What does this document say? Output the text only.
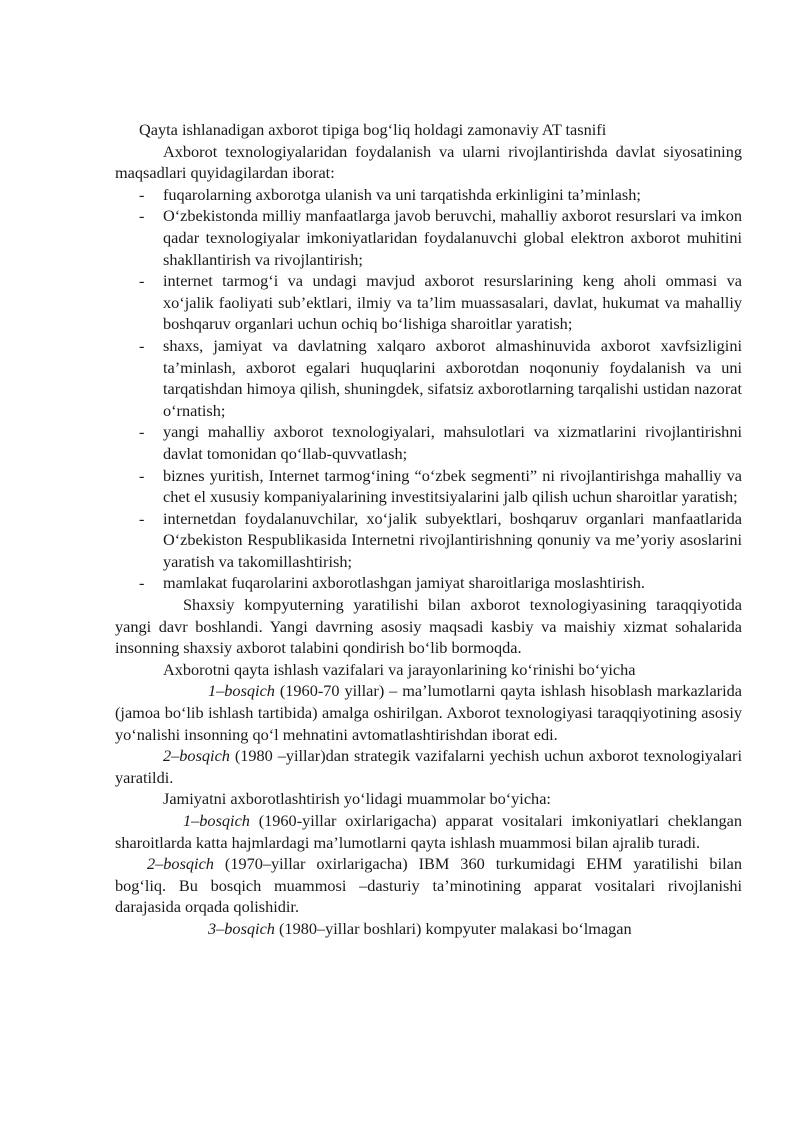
Qayta ishlanadigan axborot tipiga bog‘liq holdagi zamonaviy AT tasnifi

Axborot texnologiyalaridan foydalanish va ularni rivojlantirishda davlat siyosatining maqsadlari quyidagilardan iborat:

- fuqarolarning axborotga ulanish va uni tarqatishda erkinligini ta’minlash;
- O‘zbekistonda milliy manfaatlarga javob beruvchi, mahalliy axborot resurslari va imkon qadar texnologiyalar imkoniyatlaridan foydalanuvchi global elektron axborot muhitini shakllantirish va rivojlantirish;
- internet tarmog‘i va undagi mavjud axborot resurslarining keng aholi ommasi va xo‘jalik faoliyati sub’ektlari, ilmiy va ta’lim muassasalari, davlat, hukumat va mahalliy boshqaruv organlari uchun ochiq bo‘lishiga sharoitlar yaratish;
- shaxs, jamiyat va davlatning xalqaro axborot almashinuvida axborot xavfsizligini ta’minlash, axborot egalari huquqlarini axborotdan noqonuniy foydalanish va uni tarqatishdan himoya qilish, shuningdek, sifatsiz axborotlarning tarqalishi ustidan nazorat o‘rnatish;
- yangi mahalliy axborot texnologiyalari, mahsulotlari va xizmatlarini rivojlantirishni davlat tomonidan qo‘llab-quvvatlash;
- biznes yuritish, Internet tarmog‘ining “o‘zbek segmenti” ni rivojlantirishga mahalliy va chet el xususiy kompaniyalarining investitsiyalarini jalb qilish uchun sharoitlar yaratish;
- internetdan foydalanuvchilar, xo‘jalik subyektlari, boshqaruv organlari manfaatlarida O‘zbekiston Respublikasida Internetni rivojlantirishning qonuniy va me’yoriy asoslarini yaratish va takomillashtirish;
- mamlakat fuqarolarini axborotlashgan jamiyat sharoitlariga moslashtirish.

Shaxsiy kompyuterning yaratilishi bilan axborot texnologiyasining taraqqiyotida yangi davr boshlandi. Yangi davrning asosiy maqsadi kasbiy va maishiy xizmat sohalarida insonning shaxsiy axborot talabini qondirish bo‘lib bormoqda.

Axborotni qayta ishlash vazifalari va jarayonlarining ko‘rinishi bo‘yicha

1–bosqich (1960-70 yillar) – ma’lumotlarni qayta ishlash hisoblash markazlarida (jamoa bo‘lib ishlash tartibida) amalga oshirilgan. Axborot texnologiyasi taraqqiyotining asosiy yo‘nalishi insonning qo‘l mehnatini avtomatlashtirishdan iborat edi.

2–bosqich (1980 –yillar)dan strategik vazifalarni yechish uchun axborot texnologiyalari yaratildi.

Jamiyatni axborotlashtirish yo‘lidagi muammolar bo‘yicha:

1–bosqich (1960-yillar oxirlarigacha) apparat vositalari imkoniyatlari cheklangan sharoitlarda katta hajmlardagi ma’lumotlarni qayta ishlash muammosi bilan ajralib turadi.

2–bosqich (1970–yillar oxirlarigacha) IBM 360 turkumidagi EHM yaratilishi bilan bog‘liq. Bu bosqich muammosi –dasturiy ta’minotining apparat vositalari rivojlanishi darajasida orqada qolishidir.

3–bosqich (1980–yillar boshlari) kompyuter malakasi bo‘lmagan
